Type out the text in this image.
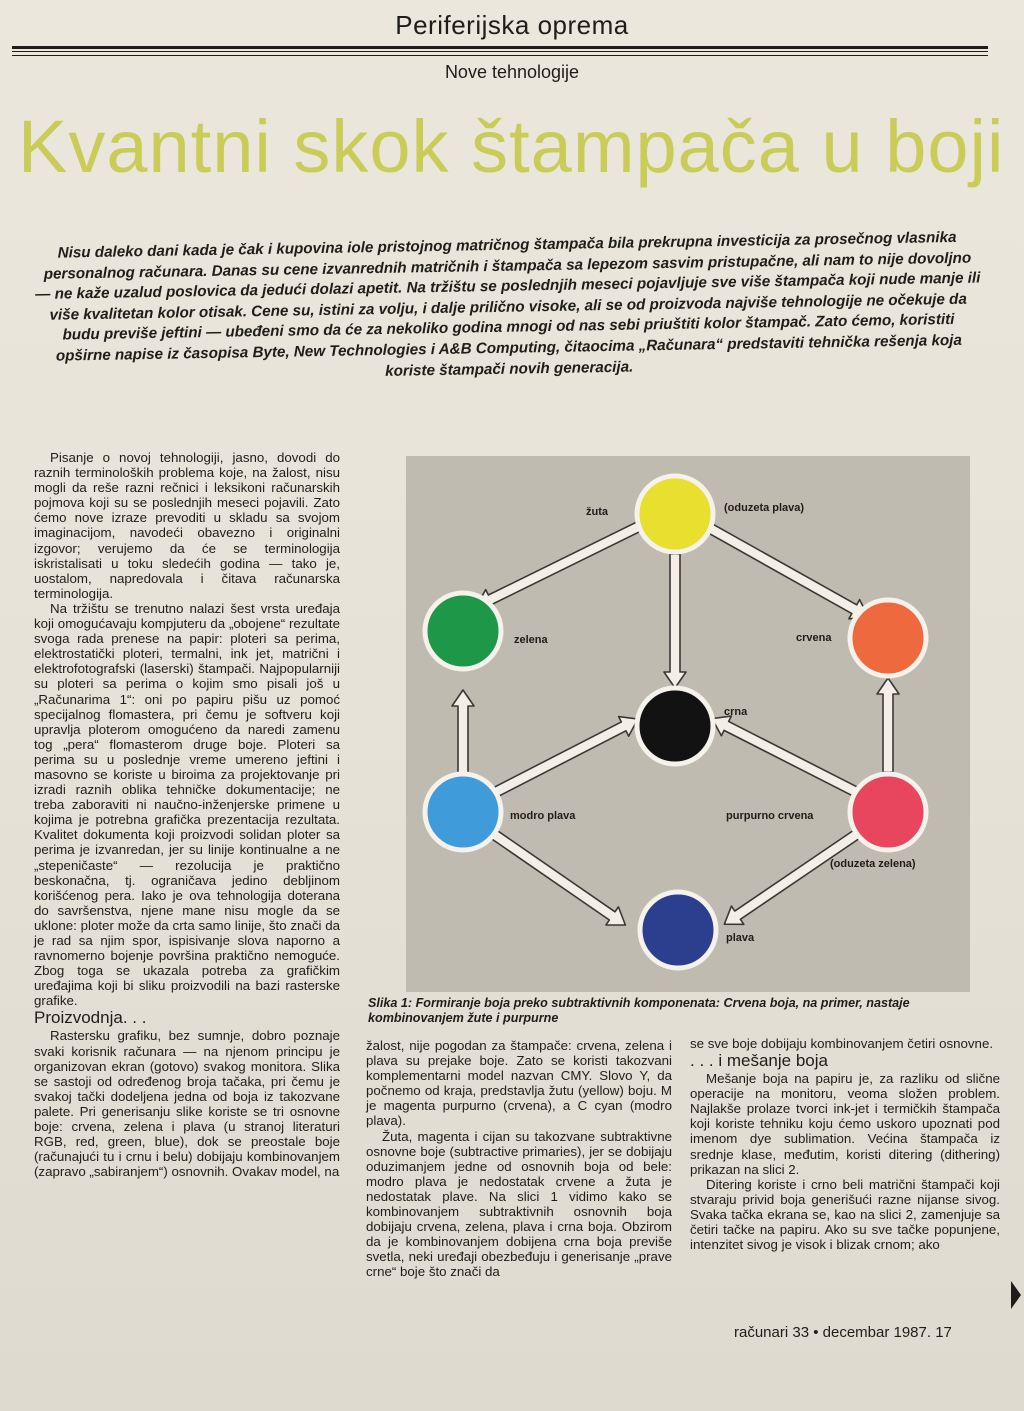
Periferijska oprema
Nove tehnologije
Kvantni skok štampača u boji
Nisu daleko dani kada je čak i kupovina iole pristojnog matričnog štampača bila prekrupna investicija za prosečnog vlasnika personalnog računara. Danas su cene izvanrednih matričnih i štampača sa lepezom sasvim pristupačne, ali nam to nije dovoljno — ne kaže uzalud poslovica da jedući dolazi apetit. Na tržištu se poslednjih meseci pojavljuje sve više štampača koji nude manje ili više kvalitetan kolor otisak. Cene su, istini za volju, i dalje prilično visoke, ali se od proizvoda najviše tehnologije ne očekuje da budu previše jeftini — ubeđeni smo da će za nekoliko godina mnogi od nas sebi priuštiti kolor štampač. Zato ćemo, koristiti opširne napise iz časopisa Byte, New Technologies i A&B Computing, čitaocima „Računara“ predstaviti tehnička rešenja koja koriste štampači novih generacija.

Pisanje o novoj tehnologiji, jasno, dovodi do raznih terminoloških problema koje, na žalost, nisu mogli da reše razni rečnici i leksikoni računarskih pojmova koji su se poslednjih meseci pojavili. Zato ćemo nove izraze prevoditi u skladu sa svojom imaginacijom, navodeći obavezno i originalni izgovor; verujemo da će se terminologija iskristalisati u toku sledećih godina — tako je, uostalom, napredovala i čitava računarska terminologija.

Na tržištu se trenutno nalazi šest vrsta uređaja koji omogućavaju kompjuteru da „obojene“ rezultate svoga rada prenese na papir: ploteri sa perima, elektrostatički ploteri, termalni, ink jet, matrični i elektrofotografski (laserski) štampači. Najpopularniji su ploteri sa perima o kojim smo pisali još u „Računarima 1“: oni po papiru pišu uz pomoć specijalnog flomastera, pri čemu je softveru koji upravlja ploterom omogućeno da naredi zamenu tog „pera“ flomasterom druge boje. Ploteri sa perima su u poslednje vreme umereno jeftini i masovno se koriste u biroima za projektovanje pri izradi raznih oblika tehničke dokumentacije; ne treba zaboraviti ni naučno-inženjerske primene u kojima je potrebna grafička prezentacija rezultata. Kvalitet dokumenta koji proizvodi solidan ploter sa perima je izvanredan, jer su linije kontinualne a ne „stepeničaste“ — rezolucija je praktično beskonačna, tj. ograničava jedino debljinom korišćenog pera. Iako je ova tehnologija doterana do savršenstva, njene mane nisu mogle da se uklone: ploter može da crta samo linije, što znači da je rad sa njim spor, ispisivanje slova naporno a ravnomerno bojenje površina praktično nemoguće. Zbog toga se ukazala potreba za grafičkim uređajima koji bi sliku proizvodili na bazi rasterske grafike.

Proizvodnja. . .

Rastersku grafiku, bez sumnje, dobro poznaje svaki korisnik računara — na njenom principu je organizovan ekran (gotovo) svakog monitora. Slika se sastoji od određenog broja tačaka, pri čemu je svakoj tački dodeljena jedna od boja iz takozvane palete. Pri generisanju slike koriste se tri osnovne boje: crvena, zelena i plava (u stranoj literaturi RGB, red, green, blue), dok se preostale boje (računajući tu i crnu i belu) dobijaju kombinovanjem (zapravo „sabiranjem“) osnovnih. Ovakav model, na

žuta	(oduzeta plava)
zelena	crvena
crna
modro plava	purpurno crvena
(oduzeta zelena)
plava
Slika 1: Formiranje boja preko subtraktivnih komponenata: Crvena boja, na primer, nastaje kombinovanjem žute i purpurne

žalost, nije pogodan za štampače: crvena, zelena i plava su prejake boje. Zato se koristi takozvani komplementarni model nazvan CMY. Slovo Y, da počnemo od kraja, predstavlja žutu (yellow) boju. M je magenta purpurno (crvena), a C cyan (modro plava).

Žuta, magenta i cijan su takozvane subtraktivne osnovne boje (subtractive primaries), jer se dobijaju oduzimanjem jedne od osnovnih boja od bele: modro plava je nedostatak crvene a žuta je nedostatak plave. Na slici 1 vidimo kako se kombinovanjem subtraktivnih osnovnih boja dobijaju crvena, zelena, plava i crna boja. Obzirom da je kombinovanjem dobijena crna boja previše svetla, neki uređaji obezbeđuju i generisanje „prave crne“ boje što znači da

se sve boje dobijaju kombinovanjem četiri osnovne.

. . . i mešanje boja

Mešanje boja na papiru je, za razliku od slične operacije na monitoru, veoma složen problem. Najlakše prolaze tvorci ink-jet i termičkih štampača koji koriste tehniku koju ćemo uskoro upoznati pod imenom dye sublimation. Većina štampača iz srednje klase, međutim, koristi ditering (dithering) prikazan na slici 2.

Ditering koriste i crno beli matrični štampači koji stvaraju privid boja generišući razne nijanse sivog. Svaka tačka ekrana se, kao na slici 2, zamenjuje sa četiri tačke na papiru. Ako su sve tačke popunjene, intenzitet sivog je visok i blizak crnom; ako

računari 33 • decembar 1987. 17
